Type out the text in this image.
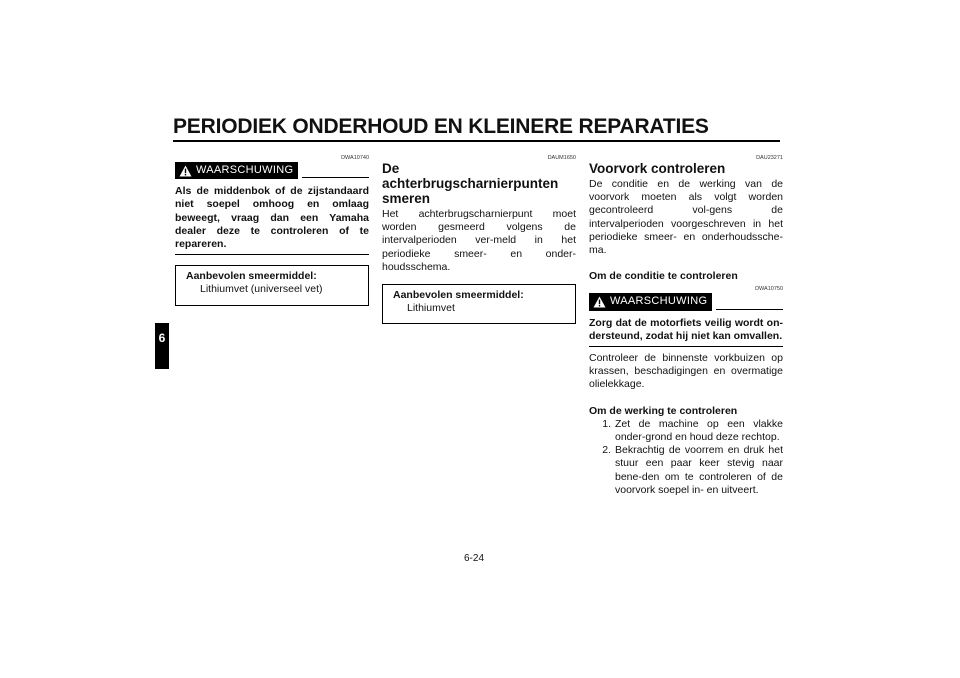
PERIODIEK ONDERHOUD EN KLEINERE REPARATIES
6
DWA10740
WAARSCHUWING
Als de middenbok of de zijstandaard niet soepel omhoog en omlaag beweegt, vraag dan een Yamaha dealer deze te controleren of te repareren.
Aanbevolen smeermiddel:
Lithiumvet (universeel vet)
DAUM1650
De achterbrugscharnierpunten smeren

Het achterbrugscharnierpunt moet worden gesmeerd volgens de intervalperioden ver-meld in het periodieke smeer- en onder-houdsschema.

Aanbevolen smeermiddel:
Lithiumvet
DAU23271
Voorvork controleren

De conditie en de werking van de voorvork moeten als volgt worden gecontroleerd vol-gens de intervalperioden voorgeschreven in het periodieke smeer- en onderhoudssche-ma.

Om de conditie te controleren
DWA10750
WAARSCHUWING
Zorg dat de motorfiets veilig wordt on-dersteund, zodat hij niet kan omvallen.

Controleer de binnenste vorkbuizen op krassen, beschadigingen en overmatige olielekkage.

Om de werking te controleren
1. Zet de machine op een vlakke onder-grond en houd deze rechtop.
2. Bekrachtig de voorrem en druk het stuur een paar keer stevig naar bene-den om te controleren of de voorvork soepel in- en uitveert.
6-24
